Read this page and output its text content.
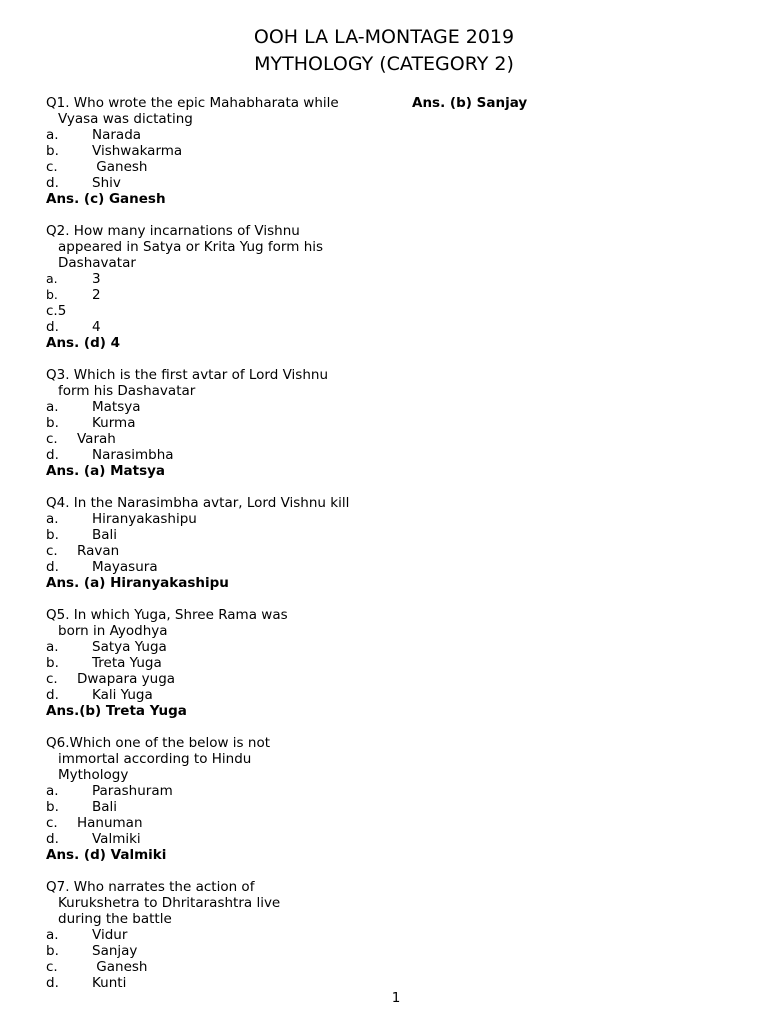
OOH LA LA-MONTAGE 2019
MYTHOLOGY (CATEGORY 2)
Ans. (b) Sanjay
Q1. Who wrote the epic Mahabharata while
Vyasa was dictating
a. Narada
b. Vishwakarma
c.	Ganesh
d. Shiv
Ans. (c) Ganesh
Q2. How many incarnations of Vishnu
appeared in Satya or Krita Yug form his
Dashavatar
a.	3
b.	2
c.5
d. 4
Ans. (d) 4
Q3. Which is the first avtar of Lord Vishnu
form his Dashavatar
a. Matsya
b. Kurma
c. Varah
d. Narasimbha
Ans. (a) Matsya
Q4. In the Narasimbha avtar, Lord Vishnu kill
a. Hiranyakashipu
b. Bali
c. Ravan
d. Mayasura
Ans. (a) Hiranyakashipu
Q5. In which Yuga, Shree Rama was
born in Ayodhya
a. Satya Yuga
b. Treta Yuga
c. Dwapara yuga
d. Kali Yuga
Ans.(b) Treta Yuga
Q6.Which one of the below is not
immortal according to Hindu
Mythology
a. Parashuram
b. Bali
c. Hanuman
d. Valmiki
Ans. (d) Valmiki
Q7. Who narrates the action of
Kurukshetra to Dhritarashtra live
during the battle
a. Vidur
b. Sanjay
c.	Ganesh
d. Kunti
1
